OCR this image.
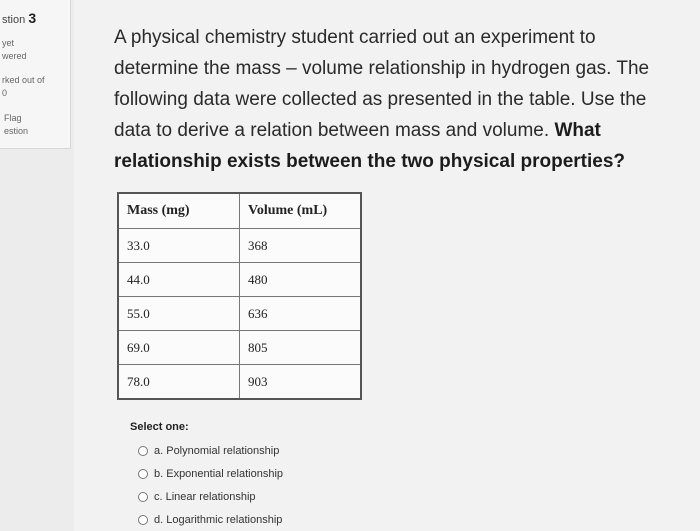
stion 3
yet
wered
rked out of
0
Flag
estion
A physical chemistry student carried out an experiment to determine the mass – volume relationship in hydrogen gas. The following data were collected as presented in the table. Use the data to derive a relation between mass and volume. What relationship exists between the two physical properties?
Mass (mg)	Volume (mL)
33.0	368
44.0	480
55.0	636
69.0	805
78.0	903
Select one:
a. Polynomial relationship
b. Exponential relationship
c. Linear relationship
d. Logarithmic relationship
